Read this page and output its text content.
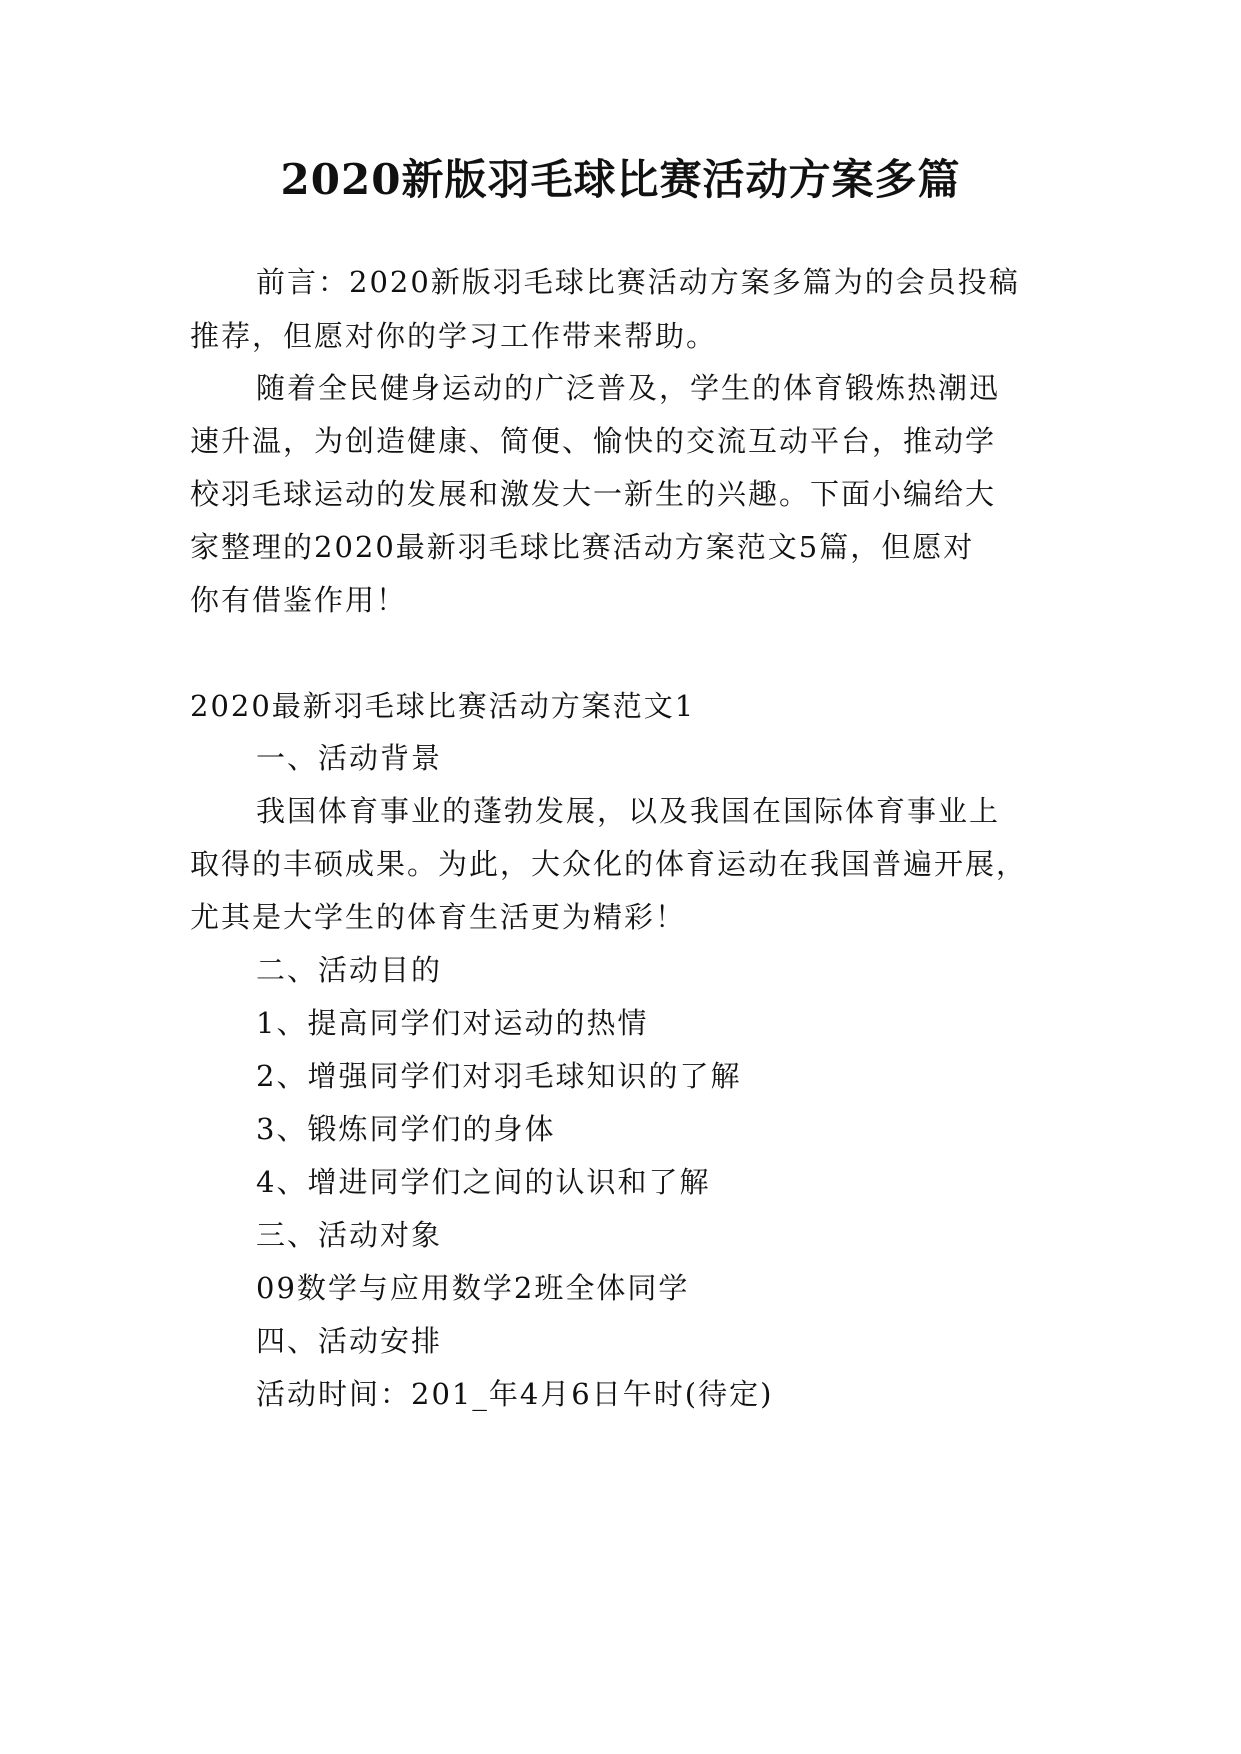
2020新版羽毛球比赛活动方案多篇
前言：2020新版羽毛球比赛活动方案多篇为的会员投稿
推荐，但愿对你的学习工作带来帮助。
随着全民健身运动的广泛普及，学生的体育锻炼热潮迅
速升温，为创造健康、简便、愉快的交流互动平台，推动学
校羽毛球运动的发展和激发大一新生的兴趣。下面小编给大
家整理的2020最新羽毛球比赛活动方案范文5篇，但愿对
你有借鉴作用！
2020最新羽毛球比赛活动方案范文1
一、活动背景
我国体育事业的蓬勃发展，以及我国在国际体育事业上
取得的丰硕成果。为此，大众化的体育运动在我国普遍开展，
尤其是大学生的体育生活更为精彩！
二、活动目的
1、提高同学们对运动的热情
2、增强同学们对羽毛球知识的了解
3、锻炼同学们的身体
4、增进同学们之间的认识和了解
三、活动对象
09数学与应用数学2班全体同学
四、活动安排
活动时间：201_年4月6日午时(待定)
